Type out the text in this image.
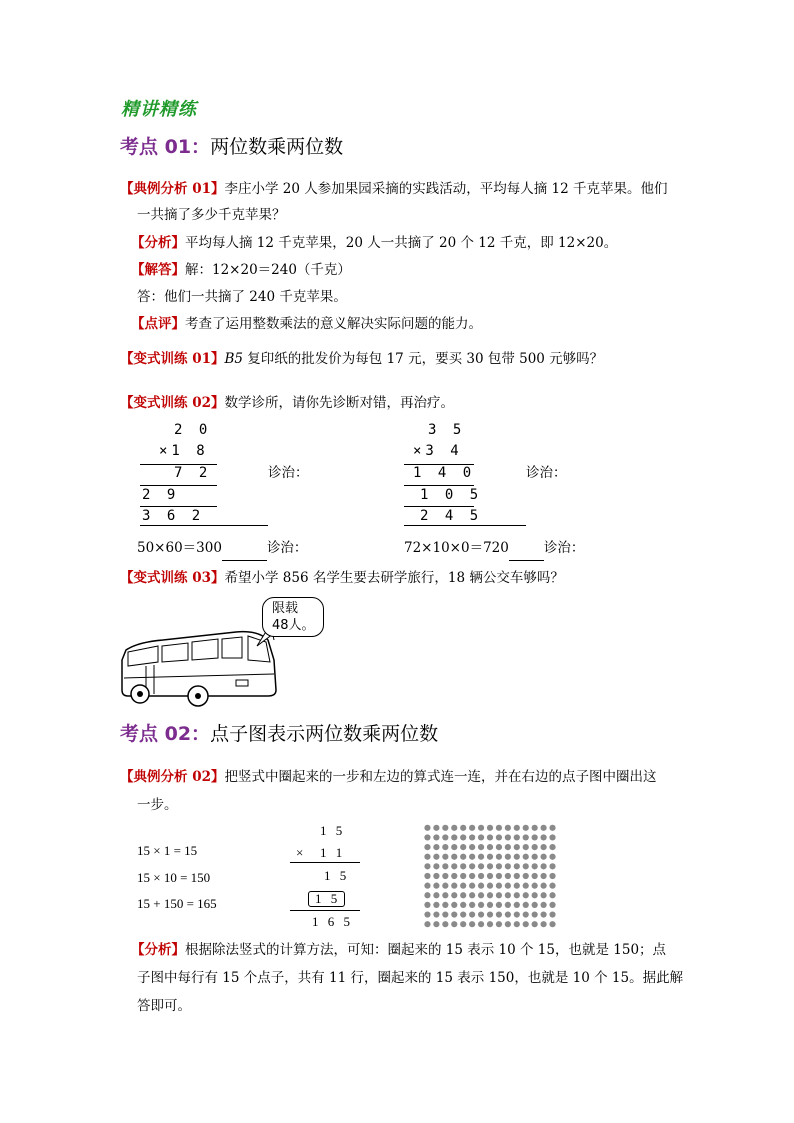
精讲精练
考点 01：两位数乘两位数
【典例分析 01】李庄小学 20 人参加果园采摘的实践活动，平均每人摘 12 千克苹果。他们
一共摘了多少千克苹果？
【分析】平均每人摘 12 千克苹果，20 人一共摘了 20 个 12 千克，即 12×20。
【解答】解：12×20＝240（千克）
答：他们一共摘了 240 千克苹果。
【点评】考查了运用整数乘法的意义解决实际问题的能力。
【变式训练 01】B5 复印纸的批发价为每包 17 元，要买 30 包带 500 元够吗？
【变式训练 02】数学诊所，请你先诊断对错，再治疗。
2 0
×1 8
7 2
2 9
3 6 2
诊治：
3 5
×3 4
1 4 0
1 0 5
2 4 5
诊治：
50×60＝300	诊治：	72×10×0＝720	诊治：
【变式训练 03】希望小学 856 名学生要去研学旅行，18 辆公交车够吗？
限载
48人。
考点 02：点子图表示两位数乘两位数
【典例分析 02】把竖式中圈起来的一步和左边的算式连一连，并在右边的点子图中圈出这
一步。
15 × 1 = 15
15 × 10 = 150
15 + 150 = 165
1 5
× 1 1
1 5
1 5
1 6 5
【分析】根据除法竖式的计算方法，可知：圈起来的 15 表示 10 个 15，也就是 150；点
子图中每行有 15 个点子，共有 11 行，圈起来的 15 表示 150，也就是 10 个 15。据此解
答即可。
